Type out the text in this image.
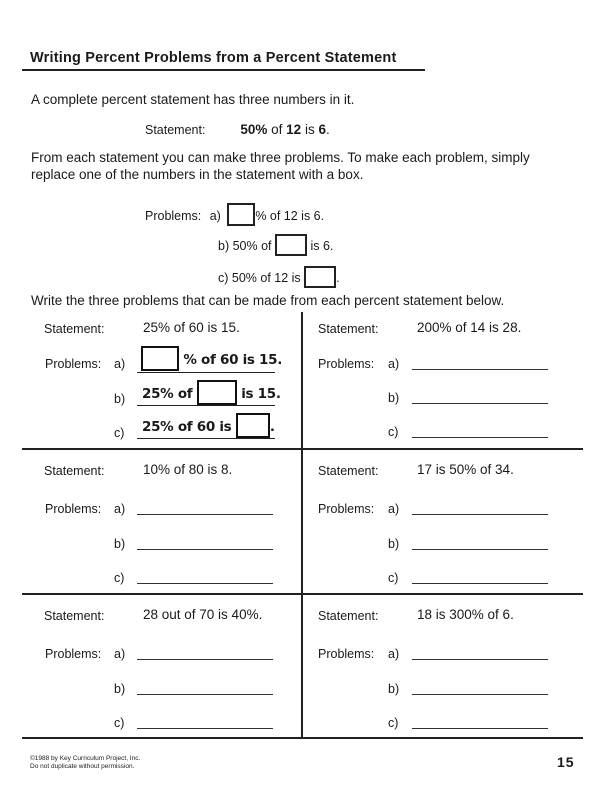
Writing Percent Problems from a Percent Statement
A complete percent statement has three numbers in it.
Statement:	50% of 12 is 6.
From each statement you can make three problems. To make each problem, simply
replace one of the numbers in the statement with a box.
Problems: a)	% of 12 is 6.
b) 50% of	is 6.
c) 50% of 12 is	.
Write the three problems that can be made from each percent statement below.
Statement:	25% of 60 is 15.
Problems: a)	% of 60 is 15.
b) 25% of	is 15.
c) 25% of 60 is	.
Statement:	200% of 14 is 28.
Problems: a)
b)
c)
Statement:	10% of 80 is 8.
Problems: a)
b)
c)
Statement:	17 is 50% of 34.
Problems: a)
b)
c)
Statement:	28 out of 70 is 40%.
Problems: a)
b)
c)
Statement:	18 is 300% of 6.
Problems: a)
b)
c)
©1988 by Key Curriculum Project, Inc.
Do not duplicate without permission.	15
